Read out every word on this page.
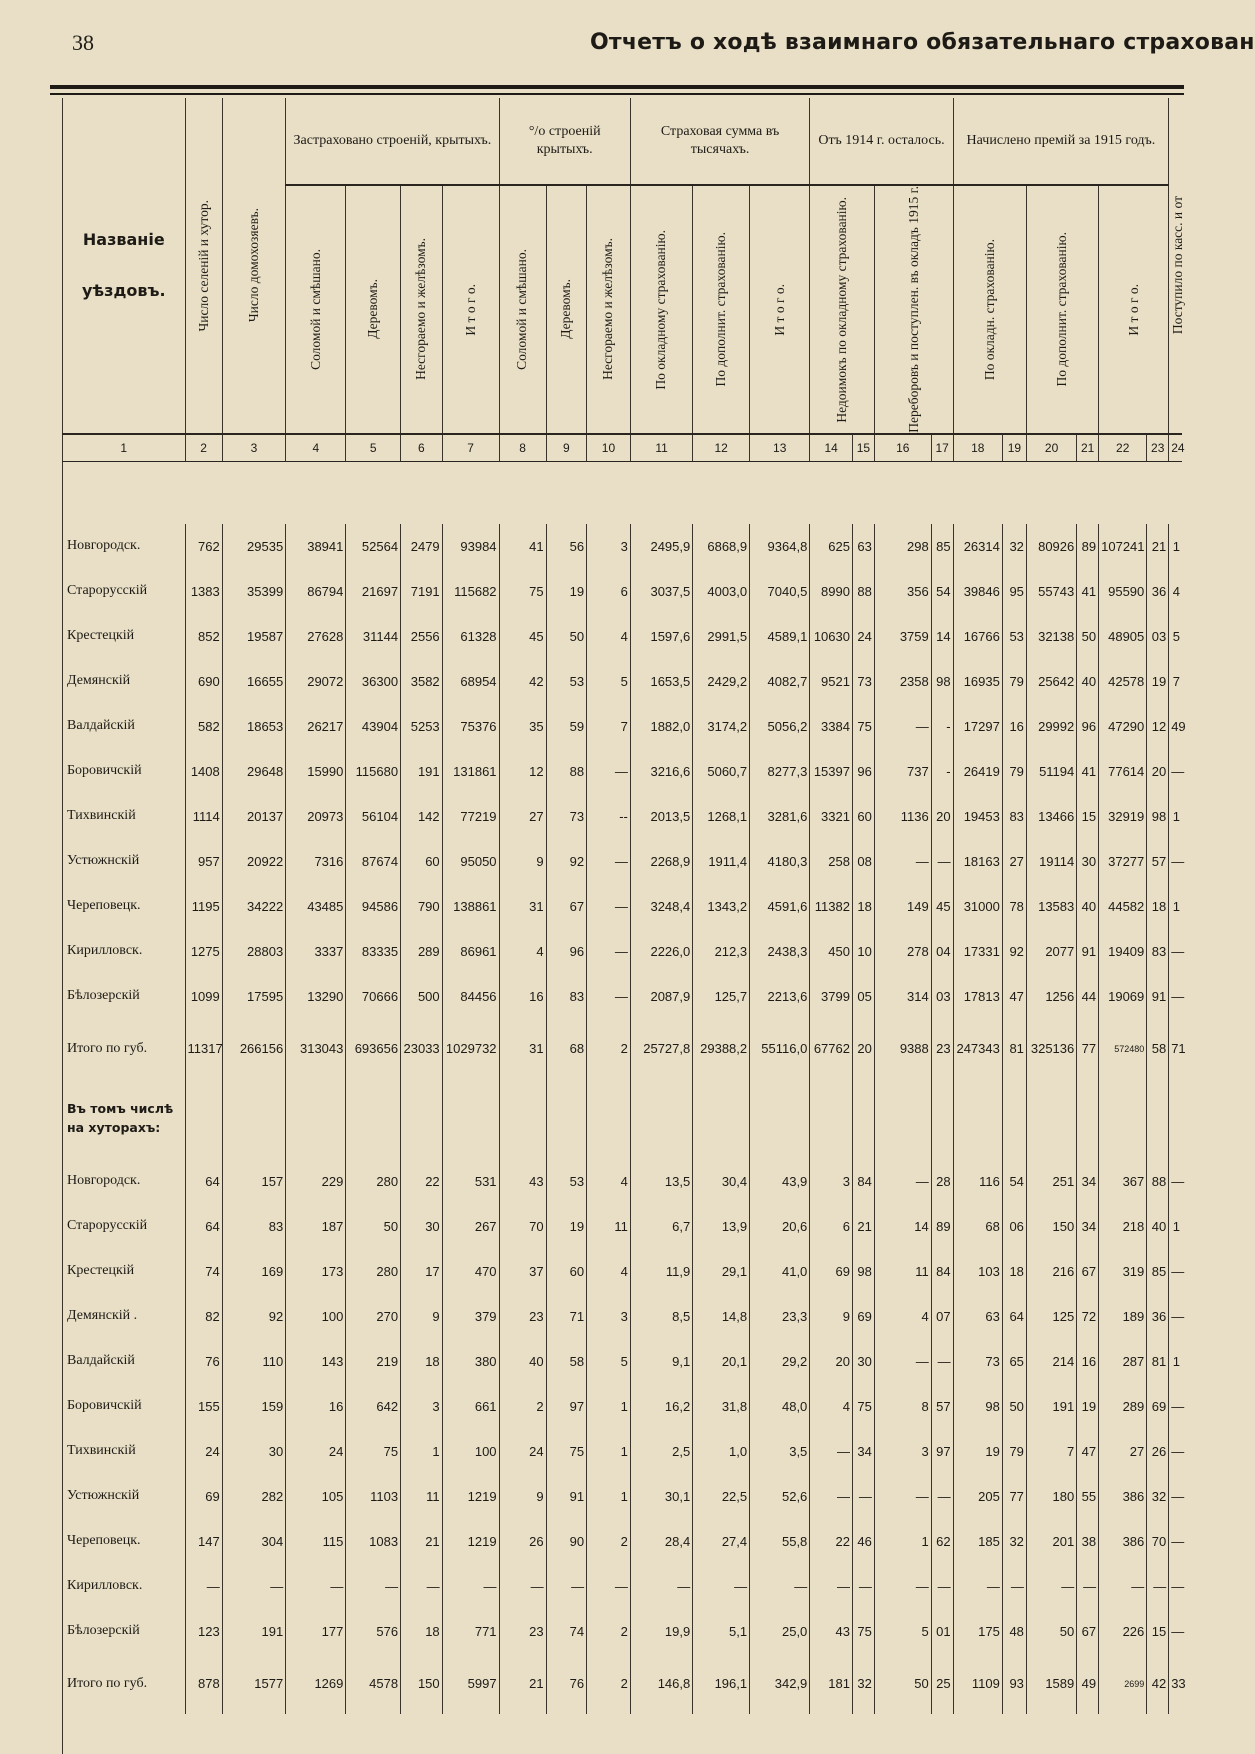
38	Отчетъ о ходѣ взаимнаго обязательнаго страхован
Названіе
уѣздовъ.	Число селеній и хутор.	Число домохозяевъ.	Застраховано строеній, крытыхъ.				°/о строеній крытыхъ.			Страховая сумма въ тысячахъ.			Отъ 1914 г. осталось.				Начислено премій за 1915 годъ.						Поступило по касс. и от

			Соломой и смѣшано.	Деревомъ.	Несгораемо и желѣзомъ.	И т о г о.	Соломой и смѣшано.	Деревомъ.	Несгораемо и желѣзомъ.	По окладному страхованію.	По дополнит. страхованію.	И т о г о.	Недоимокъ по окладному страхованію.		Переборовъ и поступлен. въ окладъ 1915 г.		По окладн. страхованію.		По дополнит. страхованію.		И т о г о.		

1	2	3	4	5	6	7	8	9	10	11	12	13	14	15	16	17	18	19	20	21	22	23	24

Новгородск.	762	29535	38941	52564	2479	93984	41	56	3	2495,9	6868,9	9364,8	625	63	298	85	26314	32	80926	89	107241	21	1
Старорусскій	1383	35399	86794	21697	7191	115682	75	19	6	3037,5	4003,0	7040,5	8990	88	356	54	39846	95	55743	41	95590	36	4
Крестецкій	852	19587	27628	31144	2556	61328	45	50	4	1597,6	2991,5	4589,1	10630	24	3759	14	16766	53	32138	50	48905	03	5
Демянскій	690	16655	29072	36300	3582	68954	42	53	5	1653,5	2429,2	4082,7	9521	73	2358	98	16935	79	25642	40	42578	19	7
Валдайскій	582	18653	26217	43904	5253	75376	35	59	7	1882,0	3174,2	5056,2	3384	75	—	-	17297	16	29992	96	47290	12	49
Боровичскій	1408	29648	15990	115680	191	131861	12	88	—	3216,6	5060,7	8277,3	15397	96	737	-	26419	79	51194	41	77614	20	—
Тихвинскій	1114	20137	20973	56104	142	77219	27	73	--	2013,5	1268,1	3281,6	3321	60	1136	20	19453	83	13466	15	32919	98	1
Устюжнскій	957	20922	7316	87674	60	95050	9	92	—	2268,9	1911,4	4180,3	258	08	—	—	18163	27	19114	30	37277	57	—
Череповецк.	1195	34222	43485	94586	790	138861	31	67	—	3248,4	1343,2	4591,6	11382	18	149	45	31000	78	13583	40	44582	18	1
Кирилловск.	1275	28803	3337	83335	289	86961	4	96	—	2226,0	212,3	2438,3	450	10	278	04	17331	92	2077	91	19409	83	—
Бѣлозерскій	1099	17595	13290	70666	500	84456	16	83	—	2087,9	125,7	2213,6	3799	05	314	03	17813	47	1256	44	19069	91	—
Итого по губ.	11317	266156	313043	693656	23033	1029732	31	68	2	25727,8	29388,2	55116,0	67762	20	9388	23	247343	81	325136	77	572480	58	71

Въ томъ числѣ на хуторахъ:																							

Новгородск.	64	157	229	280	22	531	43	53	4	13,5	30,4	43,9	3	84	—	28	116	54	251	34	367	88	—
Старорусскій	64	83	187	50	30	267	70	19	11	6,7	13,9	20,6	6	21	14	89	68	06	150	34	218	40	1
Крестецкій	74	169	173	280	17	470	37	60	4	11,9	29,1	41,0	69	98	11	84	103	18	216	67	319	85	—
Демянскій .	82	92	100	270	9	379	23	71	3	8,5	14,8	23,3	9	69	4	07	63	64	125	72	189	36	—
Валдайскій	76	110	143	219	18	380	40	58	5	9,1	20,1	29,2	20	30	—	—	73	65	214	16	287	81	1
Боровичскій	155	159	16	642	3	661	2	97	1	16,2	31,8	48,0	4	75	8	57	98	50	191	19	289	69	—
Тихвинскій	24	30	24	75	1	100	24	75	1	2,5	1,0	3,5	—	34	3	97	19	79	7	47	27	26	—
Устюжнскій	69	282	105	1103	11	1219	9	91	1	30,1	22,5	52,6	—	—	—	—	205	77	180	55	386	32	—
Череповецк.	147	304	115	1083	21	1219	26	90	2	28,4	27,4	55,8	22	46	1	62	185	32	201	38	386	70	—
Кирилловск.	—	—	—	—	—	—	—	—	—	—	—	—	—	—	—	—	—	—	—	—	—	—	—
Бѣлозерскій	123	191	177	576	18	771	23	74	2	19,9	5,1	25,0	43	75	5	01	175	48	50	67	226	15	—
Итого по губ.	878	1577	1269	4578	150	5997	21	76	2	146,8	196,1	342,9	181	32	50	25	1109	93	1589	49	2699	42	33
